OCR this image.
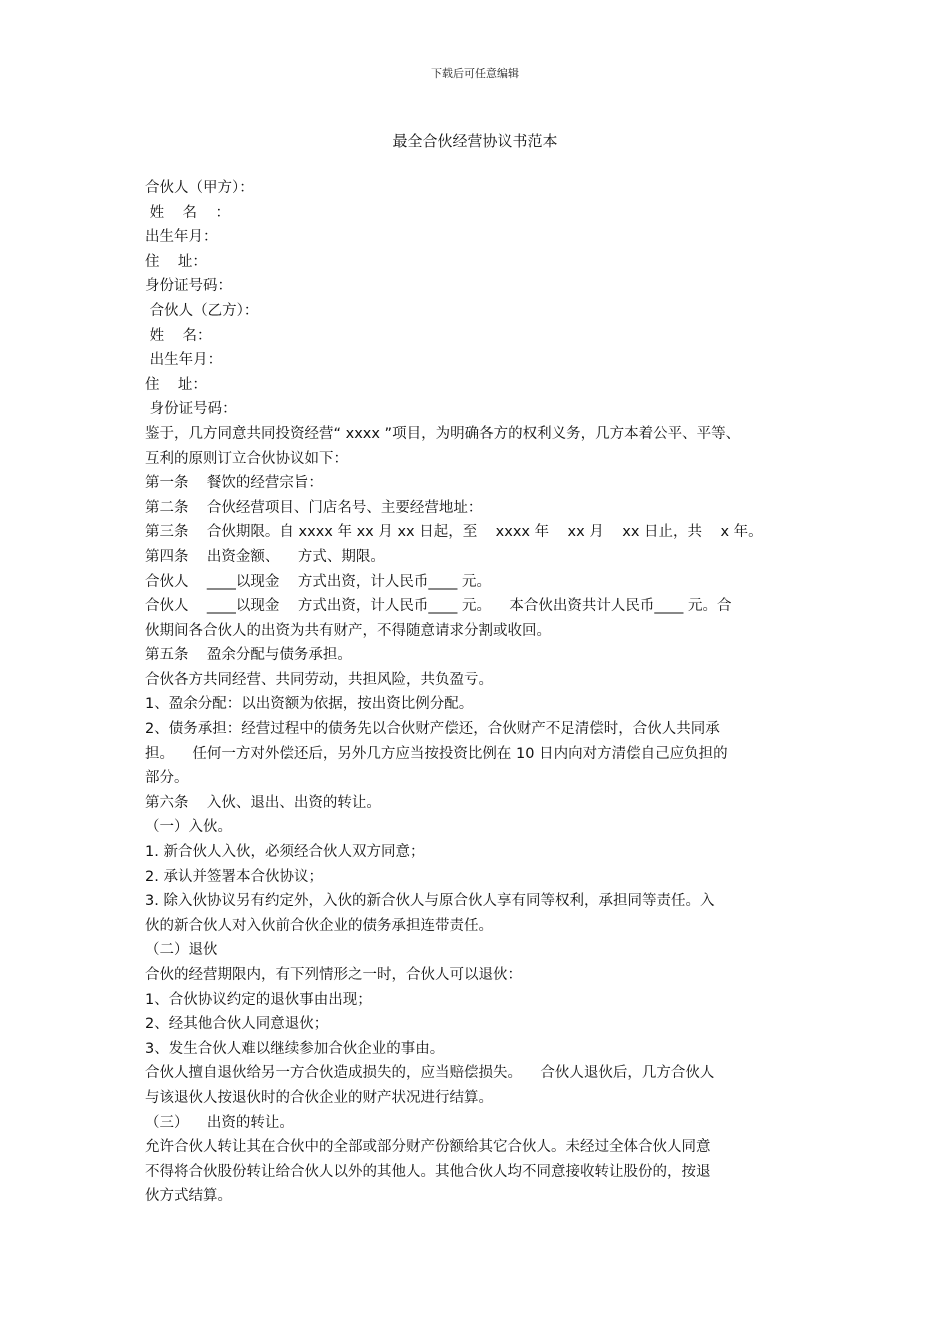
下载后可任意编辑
最全合伙经营协议书范本
合伙人（甲方）：
姓    名    ：
出生年月：
住    址：
身份证号码：
合伙人（乙方）：
姓    名：
出生年月：
住    址：
身份证号码：
鉴于，几方同意共同投资经营“ xxxx ”项目，为明确各方的权利义务，几方本着公平、平等、
互利的原则订立合伙协议如下：
第一条    餐饮的经营宗旨：
第二条    合伙经营项目、门店名号、主要经营地址：
第三条    合伙期限。自 xxxx 年 xx 月 xx 日起，至    xxxx 年    xx 月    xx 日止，共    x 年。
第四条    出资金额、    方式、期限。
合伙人    ____以现金    方式出资，计人民币____ 元。
合伙人    ____以现金    方式出资，计人民币____ 元。    本合伙出资共计人民币____ 元。合
伙期间各合伙人的出资为共有财产，不得随意请求分割或收回。
第五条    盈余分配与债务承担。
合伙各方共同经营、共同劳动，共担风险，共负盈亏。
1、盈余分配：以出资额为依据，按出资比例分配。
2、债务承担：经营过程中的债务先以合伙财产偿还，合伙财产不足清偿时，合伙人共同承
担。    任何一方对外偿还后，另外几方应当按投资比例在 10 日内向对方清偿自己应负担的
部分。
第六条    入伙、退出、出资的转让。
（一）入伙。
1. 新合伙人入伙，必须经合伙人双方同意；
2. 承认并签署本合伙协议；
3. 除入伙协议另有约定外，入伙的新合伙人与原合伙人享有同等权利，承担同等责任。入
伙的新合伙人对入伙前合伙企业的债务承担连带责任。
（二）退伙
合伙的经营期限内，有下列情形之一时，合伙人可以退伙：
1、合伙协议约定的退伙事由出现；
2、经其他合伙人同意退伙；
3、发生合伙人难以继续参加合伙企业的事由。
合伙人擅自退伙给另一方合伙造成损失的，应当赔偿损失。    合伙人退伙后，几方合伙人
与该退伙人按退伙时的合伙企业的财产状况进行结算。
（三）    出资的转让。
允许合伙人转让其在合伙中的全部或部分财产份额给其它合伙人。未经过全体合伙人同意
不得将合伙股份转让给合伙人以外的其他人。其他合伙人均不同意接收转让股份的，按退
伙方式结算。
